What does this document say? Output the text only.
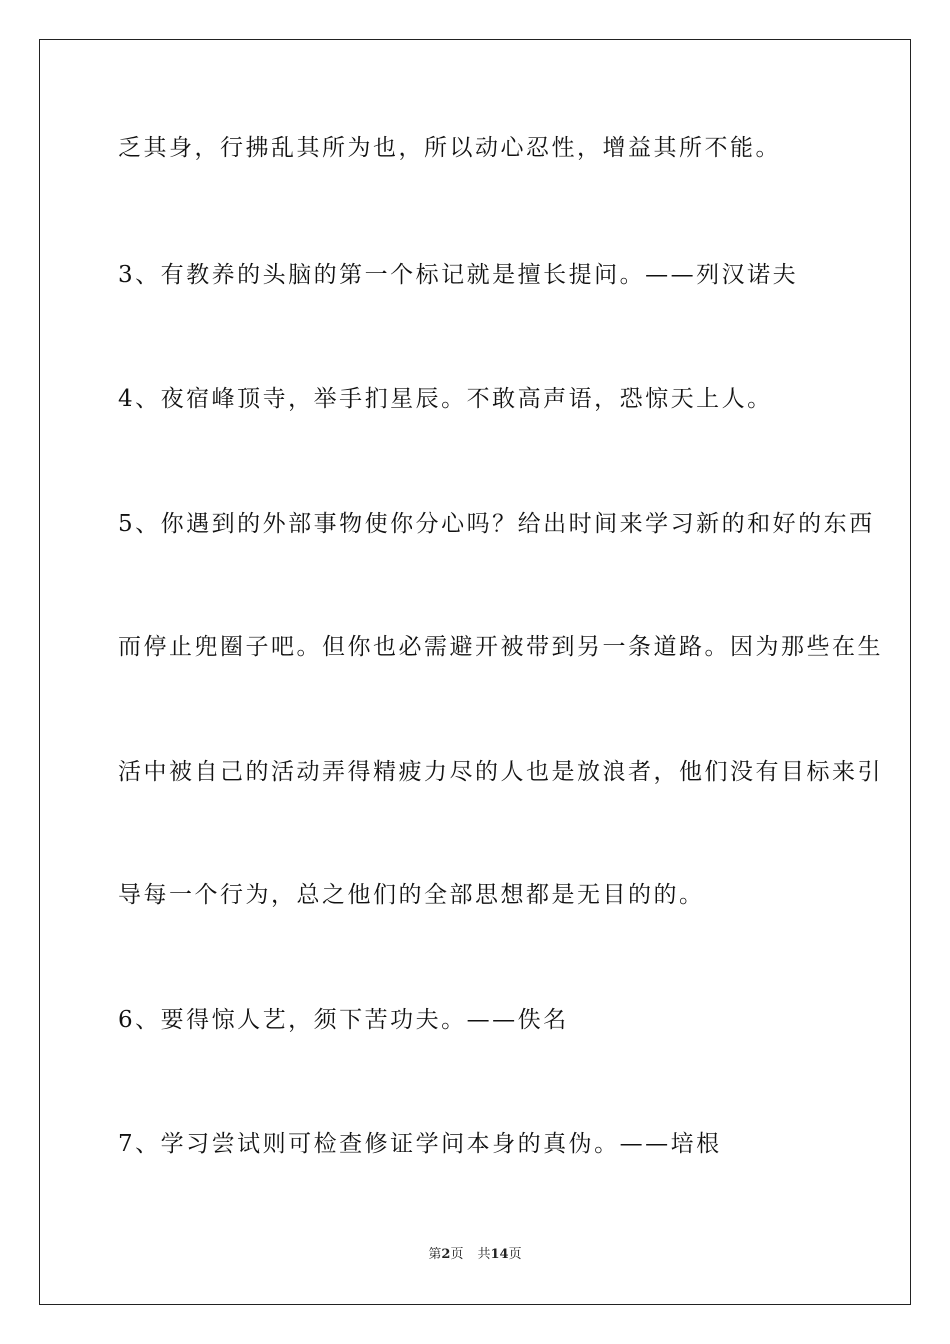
乏其身，行拂乱其所为也，所以动心忍性，增益其所不能。
3、有教养的头脑的第一个标记就是擅长提问。——列汉诺夫
4、夜宿峰顶寺，举手扪星辰。不敢高声语，恐惊天上人。
5、你遇到的外部事物使你分心吗？给出时间来学习新的和好的东西
而停止兜圈子吧。但你也必需避开被带到另一条道路。因为那些在生
活中被自己的活动弄得精疲力尽的人也是放浪者，他们没有目标来引
导每一个行为，总之他们的全部思想都是无目的的。
6、要得惊人艺，须下苦功夫。——佚名
7、学习尝试则可检查修证学问本身的真伪。——培根
第2页 共14页
